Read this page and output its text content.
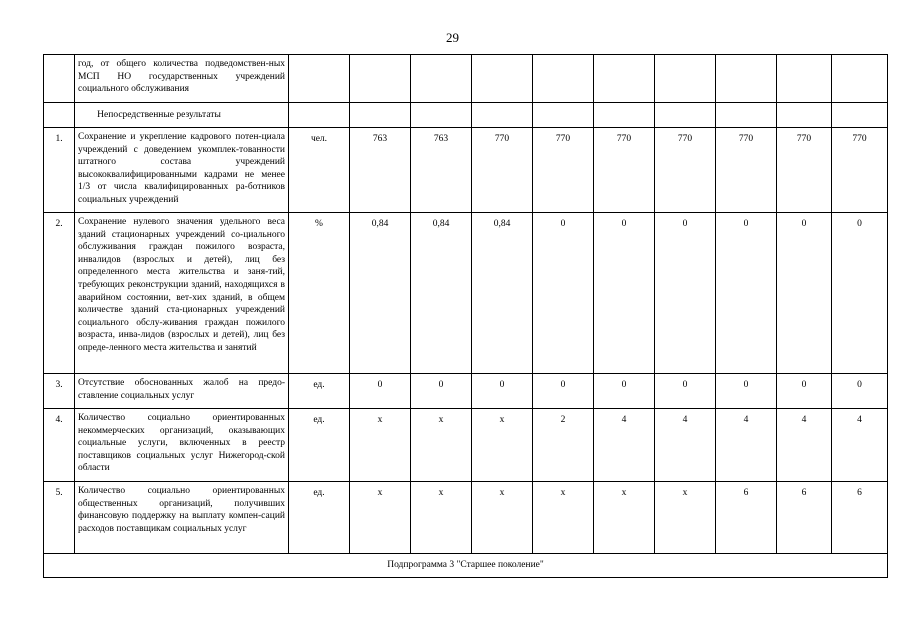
29
	год, от общего количества подведомствен-ных МСП НО государственных учреждений социального обслуживания										
	Непосредственные результаты										
1.	Сохранение и укрепление кадрового потен-циала учреждений с доведением укомплек-тованности штатного состава учреждений высококвалифицированными кадрами не менее 1/3 от числа квалифицированных ра-ботников социальных учреждений	чел.	763	763	770	770	770	770	770	770	770
2.	Сохранение нулевого значения удельного веса зданий стационарных учреждений со-циального обслуживания граждан пожилого возраста, инвалидов (взрослых и детей), лиц без определенного места жительства и заня-тий, требующих реконструкции зданий, находящихся в аварийном состоянии, вет-хих зданий, в общем количестве зданий ста-ционарных учреждений социального обслу-живания граждан пожилого возраста, инва-лидов (взрослых и детей), лиц без опреде-ленного места жительства и занятий	%	0,84	0,84	0,84	0	0	0	0	0	0
3.	Отсутствие обоснованных жалоб на предо-ставление социальных услуг	ед.	0	0	0	0	0	0	0	0	0
4.	Количество социально ориентированных некоммерческих организаций, оказывающих социальные услуги, включенных в реестр поставщиков социальных услуг Нижегород-ской области	ед.	x	x	x	2	4	4	4	4	4
5.	Количество социально ориентированных общественных организаций, получивших финансовую поддержку на выплату компен-саций расходов поставщикам социальных услуг	ед.	x	x	x	x	x	x	6	6	6
Подпрограмма 3 "Старшее поколение"											
